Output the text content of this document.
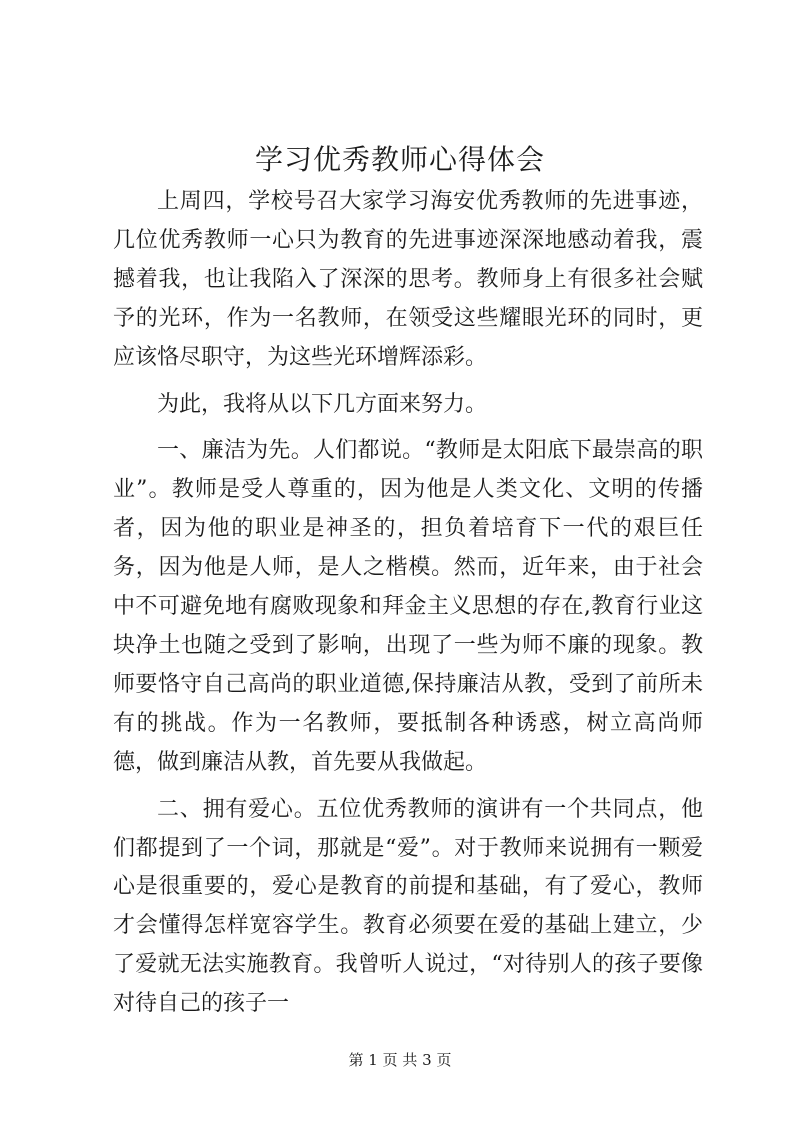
学习优秀教师心得体会

上周四，学校号召大家学习海安优秀教师的先进事迹，几位优秀教师一心只为教育的先进事迹深深地感动着我，震撼着我，也让我陷入了深深的思考。教师身上有很多社会赋予的光环，作为一名教师，在领受这些耀眼光环的同时，更应该恪尽职守，为这些光环增辉添彩。

为此，我将从以下几方面来努力。

一、廉洁为先。人们都说。“教师是太阳底下最崇高的职业”。教师是受人尊重的，因为他是人类文化、文明的传播者，因为他的职业是神圣的，担负着培育下一代的艰巨任务，因为他是人师，是人之楷模。然而，近年来，由于社会中不可避免地有腐败现象和拜金主义思想的存在,教育行业这块净土也随之受到了影响，出现了一些为师不廉的现象。教师要恪守自己高尚的职业道德,保持廉洁从教，受到了前所未有的挑战。作为一名教师，要抵制各种诱惑，树立高尚师德，做到廉洁从教，首先要从我做起。

二、拥有爱心。五位优秀教师的演讲有一个共同点，他们都提到了一个词，那就是“爱”。对于教师来说拥有一颗爱心是很重要的，爱心是教育的前提和基础，有了爱心，教师才会懂得怎样宽容学生。教育必须要在爱的基础上建立，少了爱就无法实施教育。我曾听人说过，“对待别人的孩子要像对待自己的孩子一

第 1 页 共 3 页
